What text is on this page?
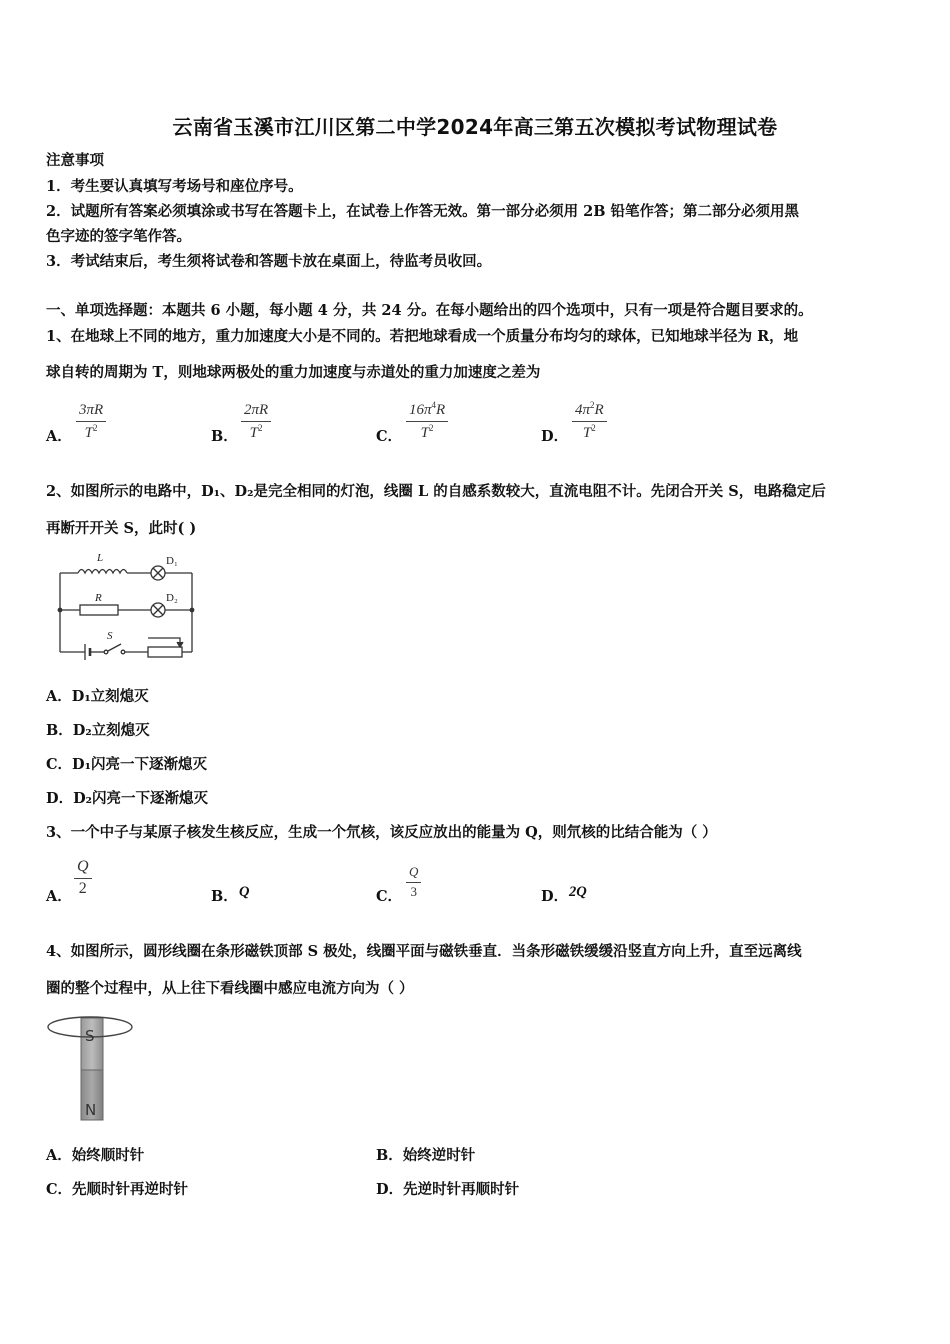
云南省玉溪市江川区第二中学2024年高三第五次模拟考试物理试卷
注意事项
1．考生要认真填写考场号和座位序号。
2．试题所有答案必须填涂或书写在答题卡上，在试卷上作答无效。第一部分必须用 2B 铅笔作答；第二部分必须用黑
色字迹的签字笔作答。
3．考试结束后，考生须将试卷和答题卡放在桌面上，待监考员收回。
一、单项选择题：本题共 6 小题，每小题 4 分，共 24 分。在每小题给出的四个选项中，只有一项是符合题目要求的。
1、在地球上不同的地方，重力加速度大小是不同的。若把地球看成一个质量分布均匀的球体，已知地球半径为 R，地
球自转的周期为 T，则地球两极处的重力加速度与赤道处的重力加速度之差为
A． $\frac{3\pi R}{T^2}$	B． $\frac{2\pi R}{T^2}$	C． $\frac{16\pi^4R}{T^2}$	D． $\frac{4\pi^2R}{T^2}$
2、如图所示的电路中，D₁、D₂是完全相同的灯泡，线圈 L 的自感系数较大，直流电阻不计。先闭合开关 S，电路稳定后
再断开开关 S，此时( )
L	D₁
R	D₂
S
A．D₁立刻熄灭
B．D₂立刻熄灭
C．D₁闪亮一下逐渐熄灭
D．D₂闪亮一下逐渐熄灭
3、一个中子与某原子核发生核反应，生成一个氘核，该反应放出的能量为 Q，则氘核的比结合能为（ ）
A． $\frac{Q}{2}$	B． Q	C． $\frac{Q}{3}$	D． 2Q
4、如图所示，圆形线圈在条形磁铁顶部 S 极处，线圈平面与磁铁垂直．当条形磁铁缓缓沿竖直方向上升，直至远离线
圈的整个过程中，从上往下看线圈中感应电流方向为（ ）
S
N
A．始终顺时针	B．始终逆时针
C．先顺时针再逆时针	D．先逆时针再顺时针
